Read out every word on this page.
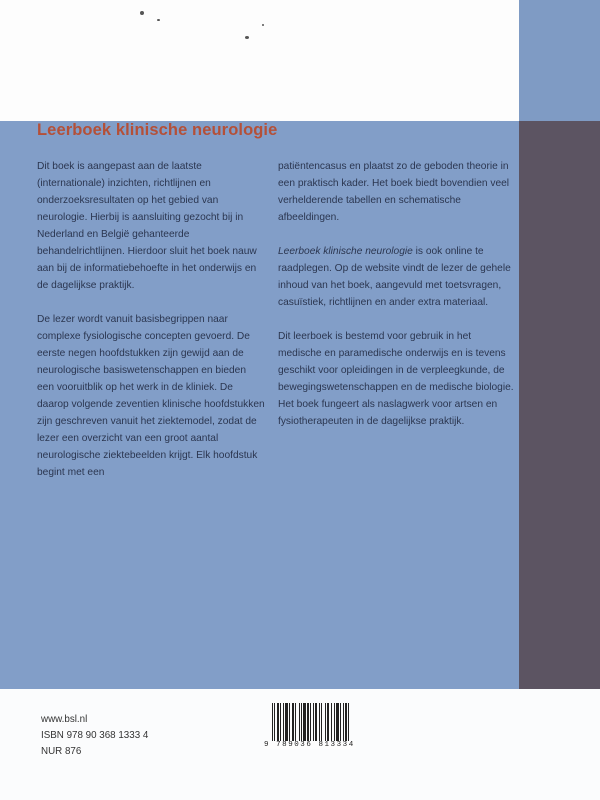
Leerboek klinische neurologie

Dit boek is aangepast aan de laatste (internationale) inzichten, richtlijnen en onderzoeksresultaten op het gebied van neurologie. Hierbij is aansluiting gezocht bij in Nederland en België gehanteerde behandelrichtlijnen. Hierdoor sluit het boek nauw aan bij de informatiebehoefte in het onderwijs en de dagelijkse praktijk.

De lezer wordt vanuit basisbegrippen naar complexe fysiologische concepten gevoerd. De eerste negen hoofdstukken zijn gewijd aan de neurologische basiswetenschappen en bieden een vooruitblik op het werk in de kliniek. De daarop volgende zeventien klinische hoofdstukken zijn geschreven vanuit het ziektemodel, zodat de lezer een overzicht van een groot aantal neurologische ziektebeelden krijgt. Elk hoofdstuk begint met een

patiëntencasus en plaatst zo de geboden theorie in een praktisch kader. Het boek biedt bovendien veel verhelderende tabellen en schematische afbeeldingen.

Leerboek klinische neurologie is ook online te raadplegen. Op de website vindt de lezer de gehele inhoud van het boek, aangevuld met toetsvragen, casuïstiek, richtlijnen en ander extra materiaal.

Dit leerboek is bestemd voor gebruik in het medische en paramedische onderwijs en is tevens geschikt voor opleidingen in de verpleegkunde, de bewegingswetenschappen en de medische biologie. Het boek fungeert als naslagwerk voor artsen en fysiotherapeuten in de dagelijkse praktijk.

www.bsl.nl
ISBN 978 90 368 1333 4
NUR 876
9 789036 813334
